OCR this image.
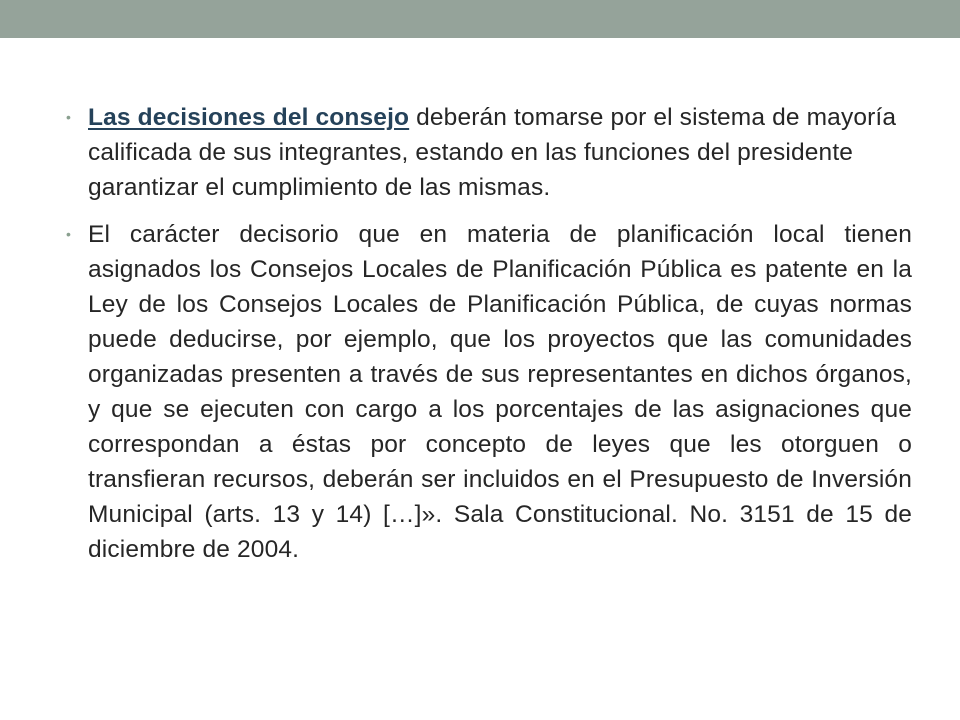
• Las decisiones del consejo deberán tomarse por el sistema de mayoría calificada de sus integrantes, estando en las funciones del presidente garantizar el cumplimiento de las mismas.
• El carácter decisorio que en materia de planificación local tienen asignados los Consejos Locales de Planificación Pública es patente en la Ley de los Consejos Locales de Planificación Pública, de cuyas normas puede deducirse, por ejemplo, que los proyectos que las comunidades organizadas presenten a través de sus representantes en dichos órganos, y que se ejecuten con cargo a los porcentajes de las asignaciones que correspondan a éstas por concepto de leyes que les otorguen o transfieran recursos, deberán ser incluidos en el Presupuesto de Inversión Municipal (arts. 13 y 14) […]». Sala Constitucional. No. 3151 de 15 de diciembre de 2004.
